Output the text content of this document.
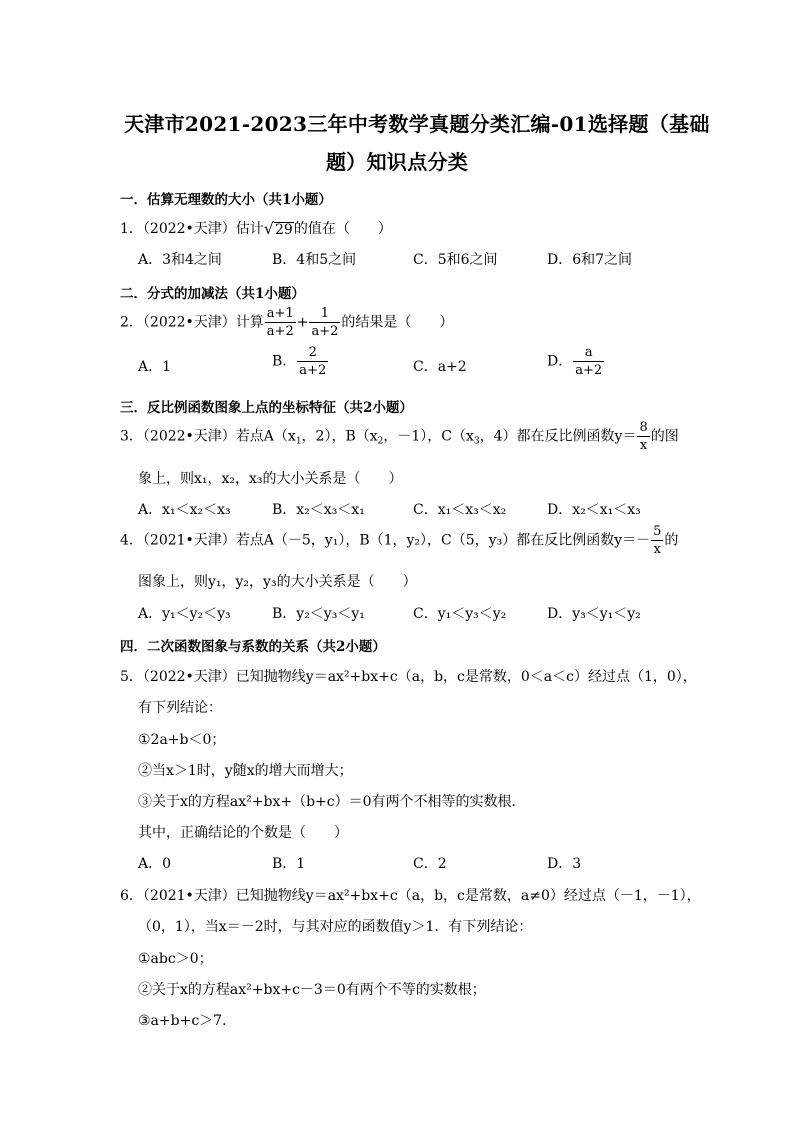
天津市2021-2023三年中考数学真题分类汇编-01选择题（基础
题）知识点分类
一．估算无理数的大小（共1小题）
1．（2022•天津）估计√29的值在（　　）
A．3和4之间	B．4和5之间	C．5和6之间	D．6和7之间
二．分式的加减法（共1小题）
2．（2022•天津）计算 $\frac{a+1}{a+2} + \frac{1}{a+2}$ 的结果是（　　）
A．1	B． $\frac{2}{a+2}$	C．a+2	D． $\frac{a}{a+2}$
三．反比例函数图象上点的坐标特征（共2小题）
3．（2022•天津）若点$A(x_1$，2），$B(x_2$，－1），$C(x_3$，4）都在反比例函数$y= \frac{8}{x}$ 的图
象上，则x₁，x₂，x₃的大小关系是（　　）
A．x₁＜x₂＜x₃	B．x₂＜x₃＜x₁	C．x₁＜x₃＜x₂	D．x₂＜x₁＜x₃
4．（2021•天津）若点A（－5，y₁），B（1，y₂），C（5，y₃）都在反比例函数$y=- \frac{5}{x}$ 的
图象上，则y₁，y₂，y₃的大小关系是（　　）
A．y₁＜y₂＜y₃	B．y₂＜y₃＜y₁	C．y₁＜y₃＜y₂	D．y₃＜y₁＜y₂
四．二次函数图象与系数的关系（共2小题）
5．（2022•天津）已知抛物线y＝ax²+bx+c（a，b，c是常数，0＜a＜c）经过点（1，0），
有下列结论：
①2a+b＜0；
②当x＞1时，y随x的增大而增大；
③关于x的方程ax²+bx+（b+c）＝0有两个不相等的实数根．
其中，正确结论的个数是（　　）
A．0	B．1	C．2	D．3
6．（2021•天津）已知抛物线y＝ax²+bx+c（a，b，c是常数，a≠0）经过点（－1，－1），
（0，1），当x＝－2时，与其对应的函数值y＞1．有下列结论：
①abc＞0；
②关于x的方程ax²+bx+c－3＝0有两个不等的实数根；
③a+b+c＞7．
